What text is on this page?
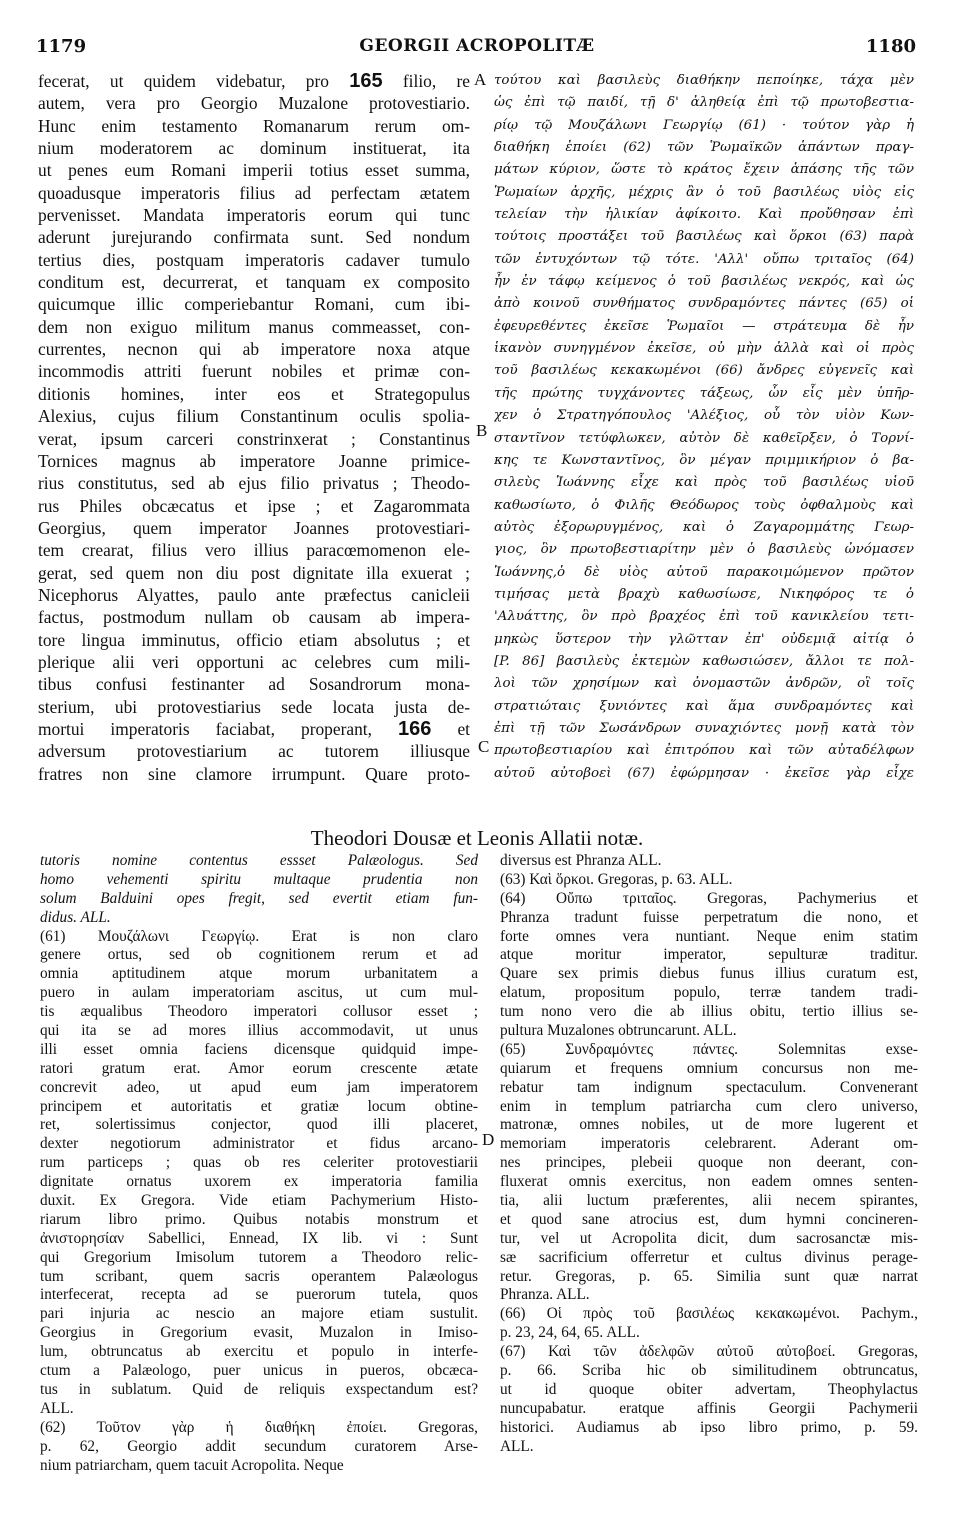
1179	GEORGII ACROPOLITÆ	1180
fecerat, ut quidem videbatur, pro 165 filio, re
autem, vera pro Georgio Muzalone protovestiario.
Hunc enim testamento Romanarum rerum om-
nium moderatorem ac dominum instituerat, ita
ut penes eum Romani imperii totius esset summa,
quoadusque imperatoris filius ad perfectam ætatem
pervenisset. Mandata imperatoris eorum qui tunc
aderunt jurejurando confirmata sunt. Sed nondum
tertius dies, postquam imperatoris cadaver tumulo
conditum est, decurrerat, et tanquam ex composito
quicumque illic comperiebantur Romani, cum ibi-
dem non exiguo militum manus commeasset, con-
currentes, necnon qui ab imperatore noxa atque
incommodis attriti fuerunt nobiles et primæ con-
ditionis homines, inter eos et Strategopulus
Alexius, cujus filium Constantinum oculis spolia-
verat, ipsum carceri constrinxerat ; Constantinus
Tornices magnus ab imperatore Joanne primice-
rius constitutus, sed ab ejus filio privatus ; Theodo-
rus Philes obcæcatus et ipse ; et Zagarommata
Georgius, quem imperator Joannes protovestiari-
tem crearat, filius vero illius paracœmomenon ele-
gerat, sed quem non diu post dignitate illa exuerat ;
Nicephorus Alyattes, paulo ante præfectus canicleii
factus, postmodum nullam ob causam ab impera-
tore lingua imminutus, officio etiam absolutus ; et
plerique alii veri opportuni ac celebres cum mili-
tibus confusi festinanter ad Sosandrorum mona-
sterium, ubi protovestiarius sede locata justa de-
mortui imperatoris faciabat, properant, 166 et
adversum protovestiarium ac tutorem illiusque
fratres non sine clamore irrumpunt. Quare proto-
τούτου καὶ βασιλεὺς διαθήκην πεποίηκε, τάχα μὲν
ὡς ἐπὶ τῷ παιδί, τῇ δ' ἀληθείᾳ ἐπὶ τῷ πρωτοβεστια-
ρίῳ τῷ Μουζάλωνι Γεωργίῳ (61) · τούτον γὰρ ἡ
διαθήκη ἐποίει (62) τῶν Ῥωμαϊκῶν ἁπάντων πραγ-
μάτων κύριον, ὥστε τὸ κράτος ἔχειν ἁπάσης τῆς τῶν
Ῥωμαίων ἀρχῆς, μέχρις ἂν ὁ τοῦ βασιλέως υἱὸς εἰς
τελείαν τὴν ἡλικίαν ἀφίκοιτο. Καὶ προὔθησαν ἐπὶ
τούτοις προστάξει τοῦ βασιλέως καὶ ὅρκοι (63) παρὰ
τῶν ἐντυχόντων τῷ τότε. 'Αλλ' οὔπω τριταῖος (64)
ἦν ἐν τάφῳ κείμενος ὁ τοῦ βασιλέως νεκρός, καὶ ὡς
ἀπὸ κοινοῦ συνθήματος συνδραμόντες πάντες (65) οἱ
ἐφευρεθέντες ἐκεῖσε Ῥωμαῖοι — στράτευμα δὲ ἦν
ἱκανὸν συνηγμένον ἐκεῖσε, οὐ μὴν ἀλλὰ καὶ οἱ πρὸς
τοῦ βασιλέως κεκακωμένοι (66) ἄνδρες εὐγενεῖς καὶ
τῆς πρώτης τυγχάνοντες τάξεως, ὧν εἷς μὲν ὑπῆρ-
χεν ὁ Στρατηγόπουλος 'Αλέξιος, οὗ τὸν υἱὸν Κων-
σταντῖνον τετύφλωκεν, αὐτὸν δὲ καθεῖρξεν, ὁ Τορνί-
κης τε Κωνσταντῖνος, ὃν μέγαν πριμμικήριον ὁ βα-
σιλεὺς Ἰωάννης εἶχε καὶ πρὸς τοῦ βασιλέως υἱοῦ
καθωσίωτο, ὁ Φιλῆς Θεόδωρος τοὺς ὀφθαλμοὺς καὶ
αὐτὸς ἐξορωρυγμένος, καὶ ὁ Ζαγαρομμάτης Γεωρ-
γιος, ὃν πρωτοβεστιαρίτην μὲν ὁ βασιλεὺς ὠνόμασεν
Ἰωάννης,ὁ δὲ υἱὸς αὐτοῦ παρακοιμώμενον πρῶτον
τιμήσας μετὰ βραχὺ καθωσίωσε, Νικηφόρος τε ὁ
'Αλυάττης, ὃν πρὸ βραχέος ἐπὶ τοῦ κανικλείου τετι-
μηκὼς ὕστερον τὴν γλῶτταν ἐπ' οὐδεμιᾷ αἰτίᾳ ὁ
[P. 86] βασιλεὺς ἐκτεμὼν καθωσιώσεν, ἄλλοι τε πολ-
λοὶ τῶν χρησίμων καὶ ὀνομαστῶν ἀνδρῶν, οἳ τοῖς
στρατιώταις ξυνιόντες καὶ ἅμα συνδραμόντες καὶ
ἐπὶ τῇ τῶν Σωσάνδρων συναχιόντες μονῇ κατὰ τὸν
πρωτοβεστιαρίου καὶ ἐπιτρόπου καὶ τῶν αὐταδέλφων
αὐτοῦ αὐτοβοεὶ (67) ἐφώρμησαν · ἐκεῖσε γὰρ εἶχε
A
B
C
D
Theodori Dousæ et Leonis Allatii notæ.
tutoris nomine contentus essset Palæologus. Sed
homo vehementi spiritu multaque prudentia non
solum Balduini opes fregit, sed evertit etiam fun-
didus. ALL.
(61) Μουζάλωνι Γεωργίῳ. Erat is non claro
genere ortus, sed ob cognitionem rerum et ad
omnia aptitudinem atque morum urbanitatem a
puero in aulam imperatoriam ascitus, ut cum mul-
tis æqualibus Theodoro imperatori collusor esset ;
qui ita se ad mores illius accommodavit, ut unus
illi esset omnia faciens dicensque quidquid impe-
ratori gratum erat. Amor eorum crescente ætate
concrevit adeo, ut apud eum jam imperatorem
principem et autoritatis et gratiæ locum obtine-
ret, solertissimus conjector, quod illi placeret,
dexter negotiorum administrator et fidus arcano-
rum particeps ; quas ob res celeriter protovestiarii
dignitate ornatus uxorem ex imperatoria familia
duxit. Ex Gregora. Vide etiam Pachymerium Histo-
riarum libro primo. Quibus notabis monstrum et
ἀνιστορησίαν Sabellici, Ennead, IX lib. vi : Sunt
qui Gregorium Imisolum tutorem a Theodoro relic-
tum scribant, quem sacris operantem Palæologus
interfecerat, recepta ad se puerorum tutela, quos
pari injuria ac nescio an majore etiam sustulit.
Georgius in Gregorium evasit, Muzalon in Imiso-
lum, obtruncatus ab exercitu et populo in interfe-
ctum a Palæologo, puer unicus in pueros, obcæca-
tus in sublatum. Quid de reliquis exspectandum est?
ALL.
(62) Τοῦτον γὰρ ἡ διαθήκη ἐποίει. Gregoras,
p. 62, Georgio addit secundum curatorem Arse-
nium patriarcham, quem tacuit Acropolita. Neque
diversus est Phranza ALL.
(63) Καὶ ὅρκοι. Gregoras, p. 63. ALL.
(64) Οὔπω τριταῖος. Gregoras, Pachymerius et
Phranza tradunt fuisse perpetratum die nono, et
forte omnes vera nuntiant. Neque enim statim
atque moritur imperator, sepulturæ traditur.
Quare sex primis diebus funus illius curatum est,
elatum, propositum populo, terræ tandem tradi-
tum nono vero die ab illius obitu, tertio illius se-
pultura Muzalones obtruncarunt. ALL.
(65) Συνδραμόντες πάντες. Solemnitas exse-
quiarum et frequens omnium concursus non me-
rebatur tam indignum spectaculum. Convenerant
enim in templum patriarcha cum clero universo,
matronæ, omnes nobiles, ut de more lugerent et
memoriam imperatoris celebrarent. Aderant om-
nes principes, plebeii quoque non deerant, con-
fluxerat omnis exercitus, non eadem omnes senten-
tia, alii luctum præferentes, alii necem spirantes,
et quod sane atrocius est, dum hymni concineren-
tur, vel ut Acropolita dicit, dum sacrosanctæ mis-
sæ sacrificium offerretur et cultus divinus perage-
retur. Gregoras, p. 65. Similia sunt quæ narrat
Phranza. ALL.
(66) Οἱ πρὸς τοῦ βασιλέως κεκακωμένοι. Pachym.,
p. 23, 24, 64, 65. ALL.
(67) Καὶ τῶν ἀδελφῶν αὐτοῦ αὐτοβοεί. Gregoras,
p. 66. Scriba hic ob similitudinem obtruncatus,
ut id quoque obiter advertam, Theophylactus
nuncupabatur. eratque affinis Georgii Pachymerii
historici. Audiamus ab ipso libro primo, p. 59.
ALL.
